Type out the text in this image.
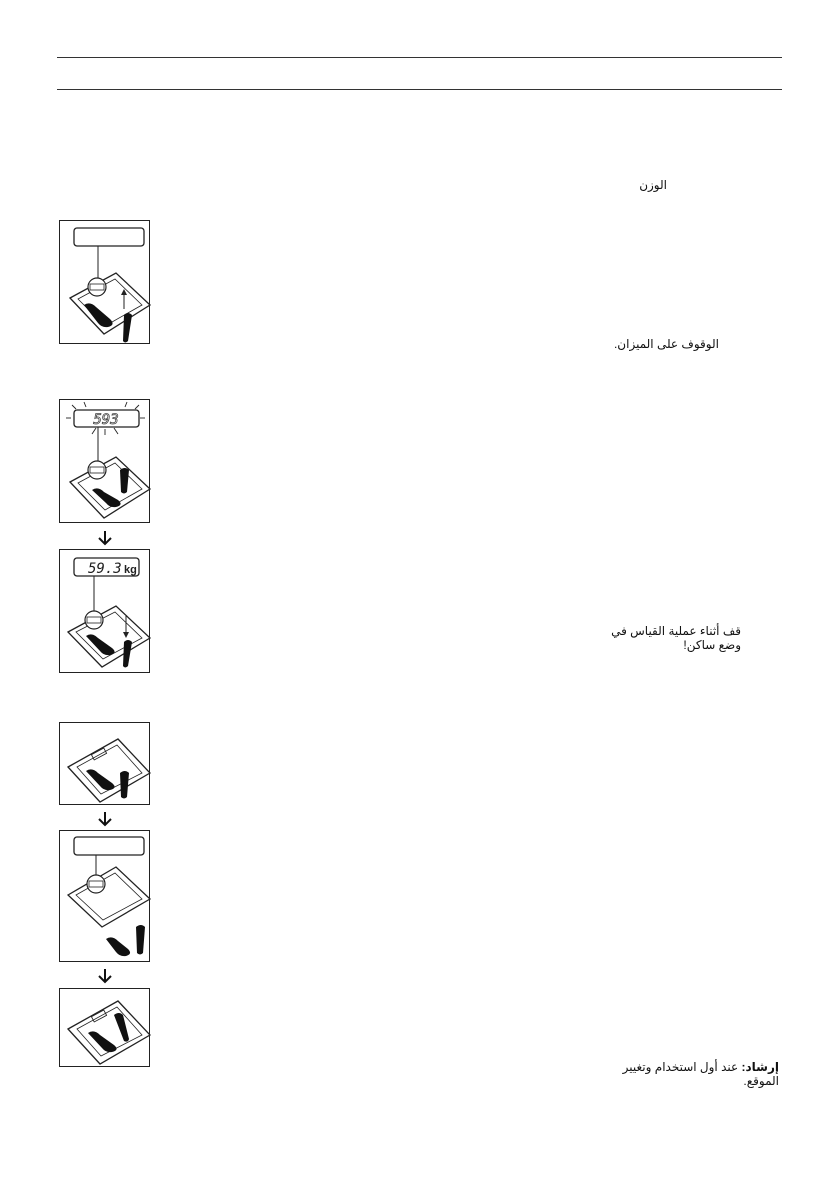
الوزن
الوقوف على الميزان.
قف أثناء عملية القياس في
وضع ساكن!
إرشاد: عند أول استخدام وتغيير
الموقع.
593
59.3 kg
